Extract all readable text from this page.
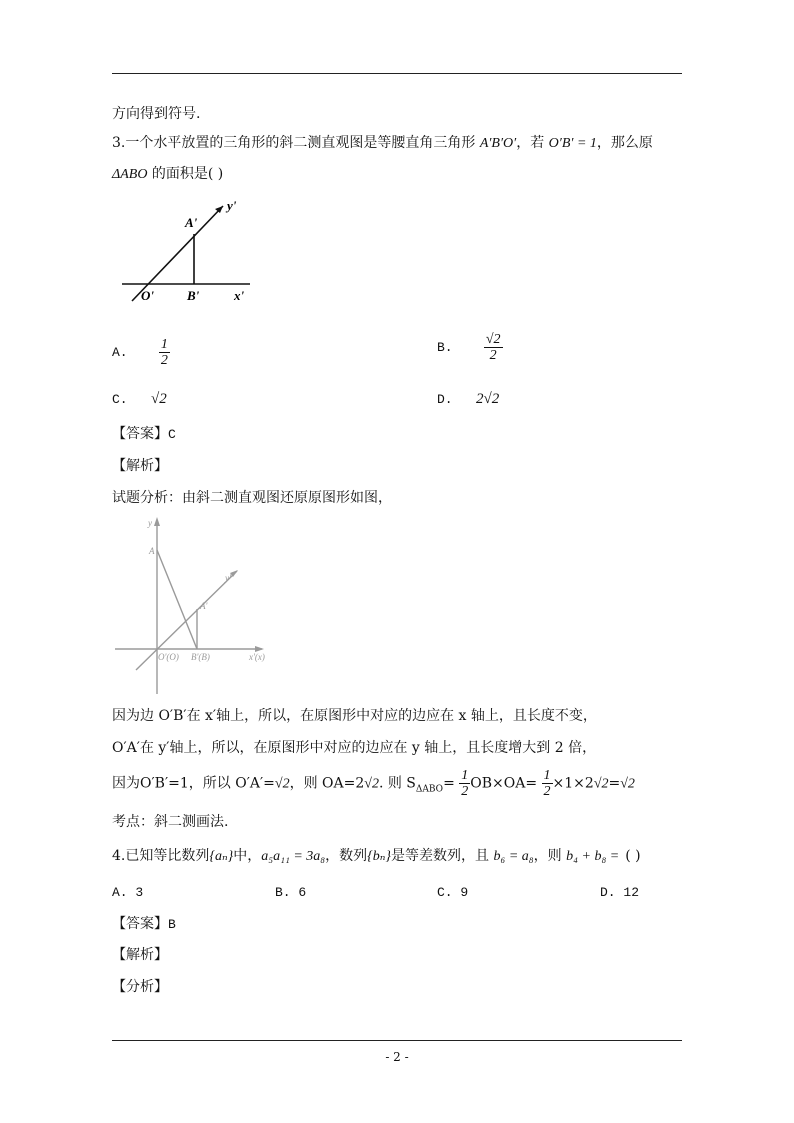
方向得到符号.
3.一个水平放置的三角形的斜二测直观图是等腰直角三角形 A′B′O′，若 O′B′ = 1，那么原
ΔABO 的面积是( )
y'
A'
O'	B'	x'
A. $\frac{1}{2}$	B. $\frac{√2}{2}$
C. √2	D. 2√2
【答案】C
【解析】
试题分析：由斜二测直观图还原原图形如图，
y
A
y'
A'
O'(O) B'(B)	x'(x)
因为边 O′B′在 x′轴上，所以，在原图形中对应的边应在 x 轴上，且长度不变，
O′A′在 y′轴上，所以，在原图形中对应的边应在 y 轴上，且长度增大到 2 倍，
因为O′B′=1，所以 O′A′=√2，则 OA=2√2. 则 $S_{\Delta ABO}= \frac{1}{2} OB\times OA= \frac{1}{2} \times 1\times 2√2=√2$
考点：斜二测画法.
4.已知等比数列{aₙ}中，a₅a₁₁ = 3a₈，数列{bₙ}是等差数列，且 b₆ = a₈，则 b₄ + b₈ = ( )
A. 3	B. 6	C. 9	D. 12
【答案】B
【解析】
【分析】
- 2 -
